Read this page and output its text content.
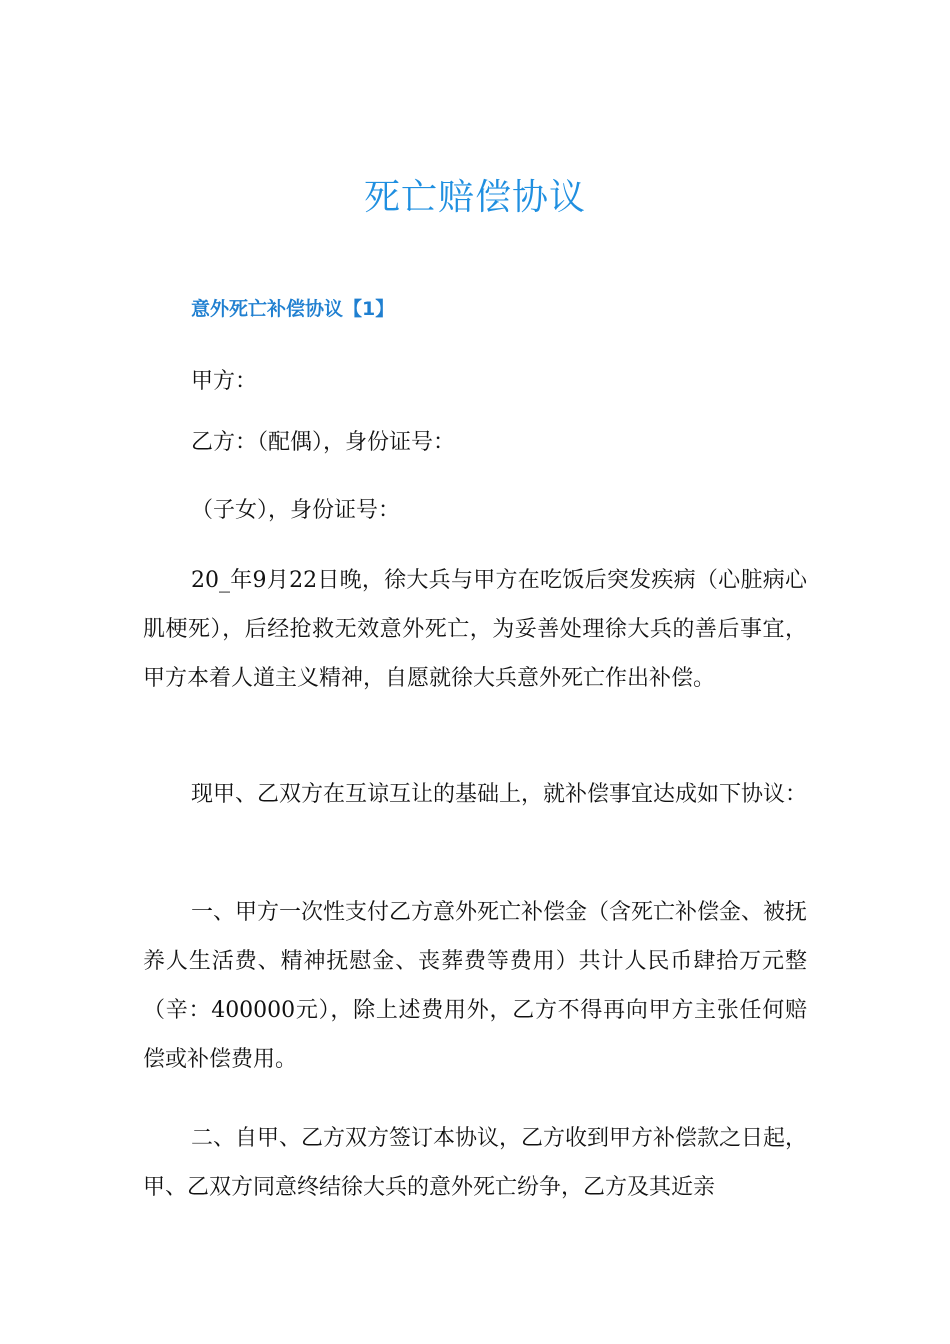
死亡赔偿协议
意外死亡补偿协议【1】

甲方：

乙方：（配偶），身份证号：

（子女），身份证号：

20_年9月22日晚，徐大兵与甲方在吃饭后突发疾病（心脏病心肌梗死），后经抢救无效意外死亡，为妥善处理徐大兵的善后事宜，甲方本着人道主义精神，自愿就徐大兵意外死亡作出补偿。

现甲、乙双方在互谅互让的基础上，就补偿事宜达成如下协议：

一、甲方一次性支付乙方意外死亡补偿金（含死亡补偿金、被抚养人生活费、精神抚慰金、丧葬费等费用）共计人民币肆拾万元整（辛：400000元），除上述费用外，乙方不得再向甲方主张任何赔偿或补偿费用。

二、自甲、乙方双方签订本协议，乙方收到甲方补偿款之日起，甲、乙双方同意终结徐大兵的意外死亡纷争，乙方及其近亲
